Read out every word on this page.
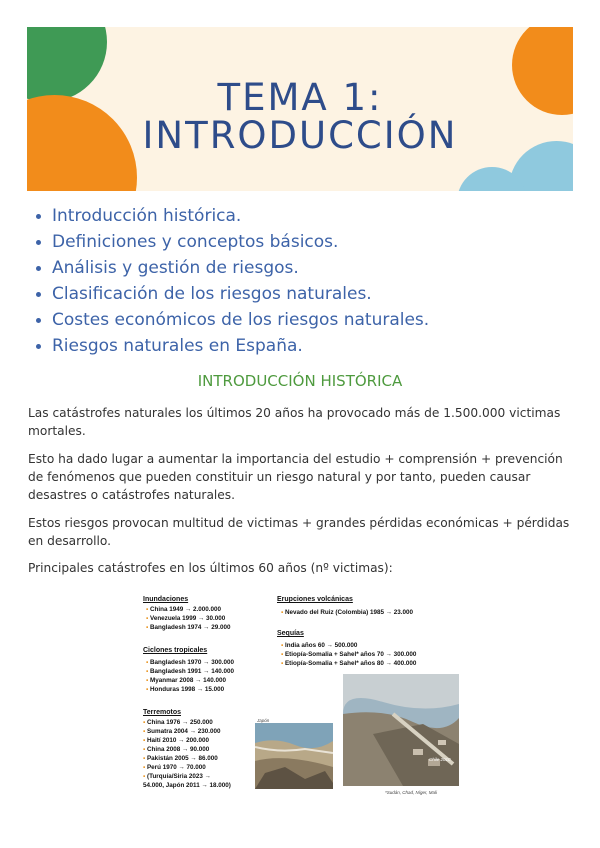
TEMA 1:
INTRODUCCIÓN
Introducción histórica.
Definiciones y conceptos básicos.
Análisis y gestión de riesgos.
Clasificación de los riesgos naturales.
Costes económicos de los riesgos naturales.
Riesgos naturales en España.
INTRODUCCIÓN HISTÓRICA
Las catástrofes naturales los últimos 20 años ha provocado más de 1.500.000 victimas mortales.
Esto ha dado lugar a aumentar la importancia del estudio + comprensión + prevención de fenómenos que pueden constituir un riesgo natural y por tanto, pueden causar desastres o catástrofes naturales.
Estos riesgos provocan multitud de victimas + grandes pérdidas económicas + pérdidas en desarrollo.
Principales catástrofes en los últimos 60 años (nº victimas):
Inundaciones
▪ China 1949 → 2.000.000
▪ Venezuela 1999 → 30.000
▪ Bangladesh 1974 → 29.000
Ciclones tropicales
▪ Bangladesh 1970 → 300.000
▪ Bangladesh 1991 → 140.000
▪ Myanmar 2008 → 140.000
▪ Honduras 1998 → 15.000
Terremotos
▪ China 1976 → 250.000
▪ Sumatra 2004 → 230.000
▪ Haití 2010 → 200.000
▪ China 2008 → 90.000
▪ Pakistán 2005 → 86.000
▪ Perú 1970 → 70.000
▪ (Turquía/Siria 2023 →
54.000, Japón 2011 → 18.000)
Erupciones volcánicas
▪ Nevado del Ruiz (Colombia) 1985 → 23.000
Sequías
▪ India años 60 → 500.000
▪ Etiopía-Somalia + Sahel* años 70 → 300.000
▪ Etiopía-Somalia + Sahel* años 80 → 400.000
Japón
Chile 2010
*Sudán, Chad, Níger, Mali
